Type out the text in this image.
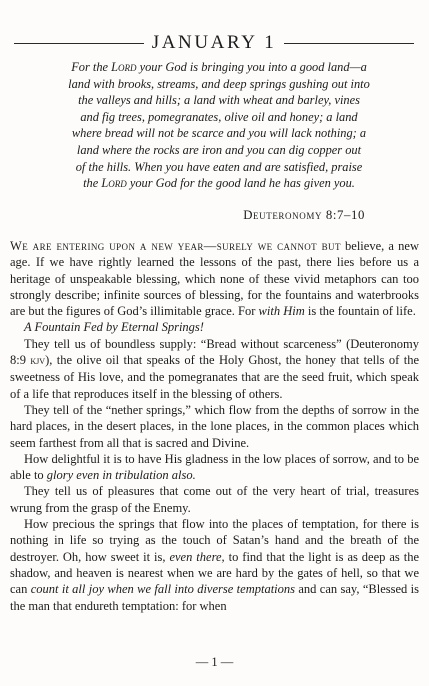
JANUARY 1

For the Lord your God is bringing you into a good land—a

land with brooks, streams, and deep springs gushing out into

the valleys and hills; a land with wheat and barley, vines

and fig trees, pomegranates, olive oil and honey; a land

where bread will not be scarce and you will lack nothing; a

land where the rocks are iron and you can dig copper out

of the hills. When you have eaten and are satisfied, praise

the Lord your God for the good land he has given you.

Deuteronomy 8:7–10

We are entering upon a new year—surely we cannot but believe, a new age. If we have rightly learned the lessons of the past, there lies before us a heritage of unspeakable blessing, which none of these vivid metaphors can too strongly describe; infinite sources of blessing, for the fountains and waterbrooks are but the figures of God’s illimitable grace. For with Him is the fountain of life.

A Fountain Fed by Eternal Springs!

They tell us of boundless supply: “Bread without scarceness” (Deuteronomy 8:9 kjv), the olive oil that speaks of the Holy Ghost, the honey that tells of the sweetness of His love, and the pomegranates that are the seed fruit, which speak of a life that reproduces itself in the blessing of others.

They tell of the “nether springs,” which flow from the depths of sorrow in the hard places, in the desert places, in the lone places, in the common places which seem farthest from all that is sacred and Divine.

How delightful it is to have His gladness in the low places of sorrow, and to be able to glory even in tribulation also.

They tell us of pleasures that come out of the very heart of trial, treasures wrung from the grasp of the Enemy.

How precious the springs that flow into the places of temptation, for there is nothing in life so trying as the touch of Satan’s hand and the breath of the destroyer. Oh, how sweet it is, even there, to find that the light is as deep as the shadow, and heaven is nearest when we are hard by the gates of hell, so that we can count it all joy when we fall into diverse temptations and can say, “Blessed is the man that endureth temptation: for when

— 1 —
